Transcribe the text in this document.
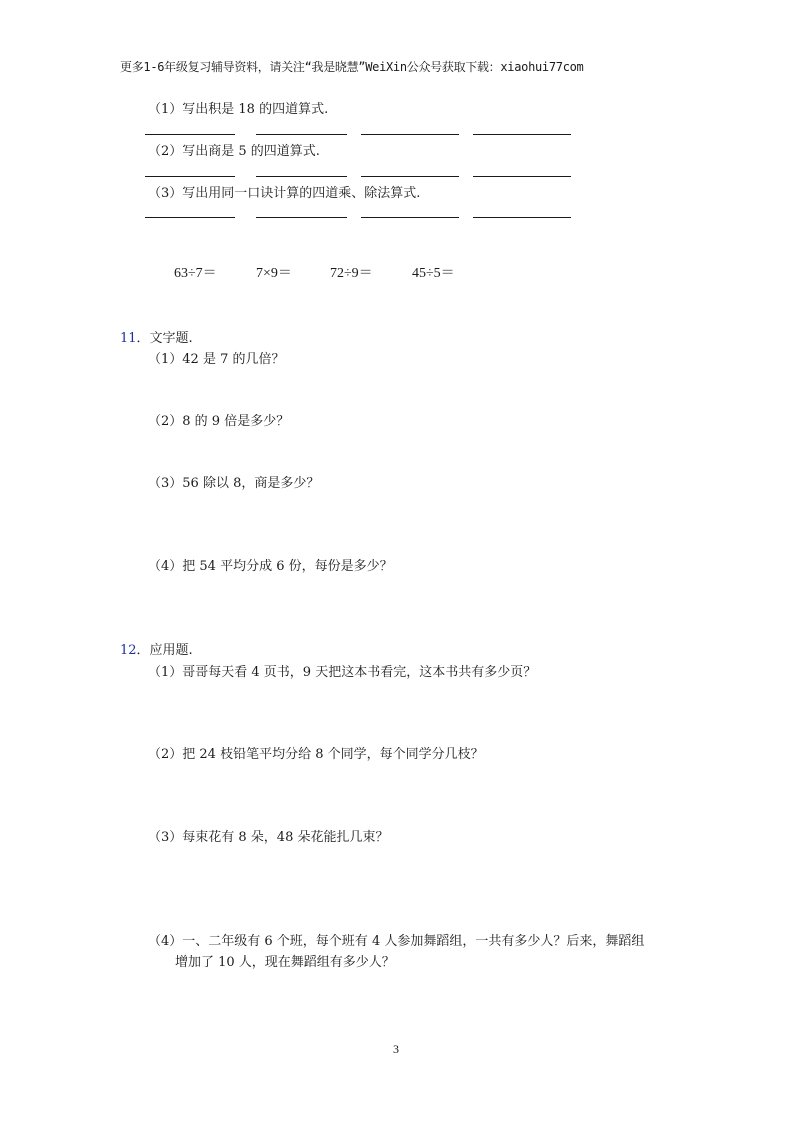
更多1-6年级复习辅导资料，请关注“我是晓慧”WeiXin公众号获取下载：xiaohui77com
（1）写出积是 18 的四道算式.
（2）写出商是 5 的四道算式.
（3）写出用同一口诀计算的四道乘、除法算式.
63÷7＝	7×9＝	72÷9＝	45÷5＝
11．文字题.
（1）42 是 7 的几倍？
（2）8 的 9 倍是多少？
（3）56 除以 8，商是多少？
（4）把 54 平均分成 6 份，每份是多少？
12．应用题.
（1）哥哥每天看 4 页书，9 天把这本书看完，这本书共有多少页？
（2）把 24 枝铅笔平均分给 8 个同学，每个同学分几枝？
（3）每束花有 8 朵，48 朵花能扎几束？
（4）一、二年级有 6 个班，每个班有 4 人参加舞蹈组，一共有多少人？后来，舞蹈组
增加了 10 人，现在舞蹈组有多少人？
3
